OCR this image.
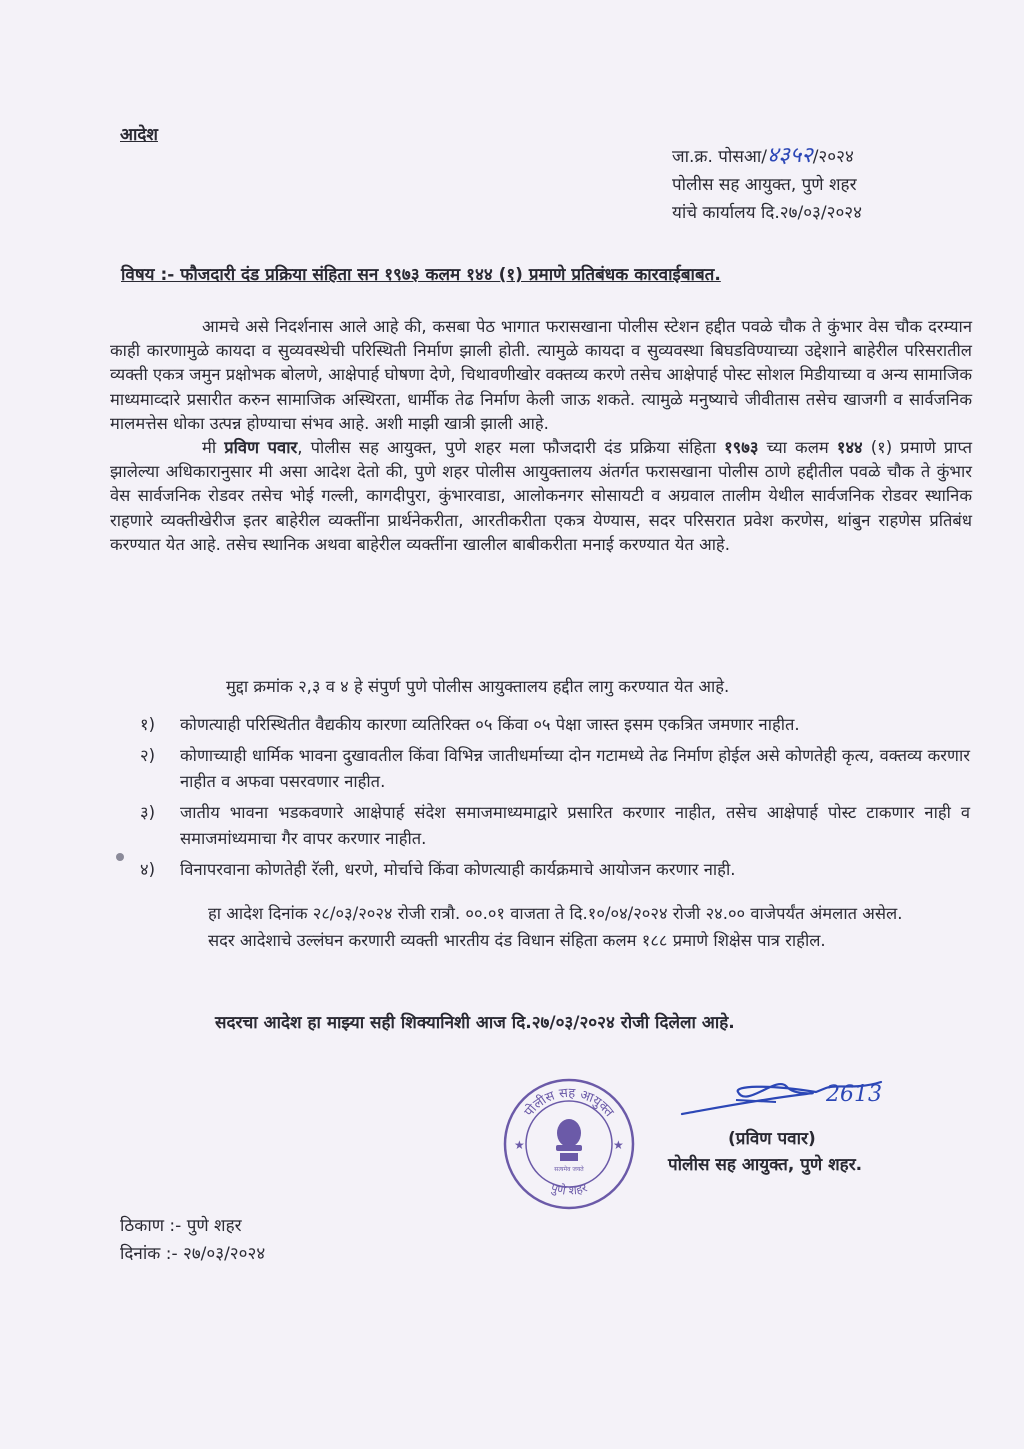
आदेश
जा.क्र. पोसआ/४३५२/२०२४
पोलीस सह आयुक्त, पुणे शहर
यांचे कार्यालय दि.२७/०३/२०२४
विषय :- फौजदारी दंड प्रक्रिया संहिता सन १९७३ कलम १४४ (१) प्रमाणे प्रतिबंधक कारवाईबाबत.

आमचे असे निदर्शनास आले आहे की, कसबा पेठ भागात फरासखाना पोलीस स्टेशन हद्दीत पवळे चौक ते कुंभार वेस चौक दरम्यान काही कारणामुळे कायदा व सुव्यवस्थेची परिस्थिती निर्माण झाली होती. त्यामुळे कायदा व सुव्यवस्था बिघडविण्याच्या उद्देशाने बाहेरील परिसरातील व्यक्ती एकत्र जमुन प्रक्षोभक बोलणे, आक्षेपार्ह घोषणा देणे, चिथावणीखोर वक्तव्य करणे तसेच आक्षेपार्ह पोस्ट सोशल मिडीयाच्या व अन्य सामाजिक माध्यमाव्दारे प्रसारीत करुन सामाजिक अस्थिरता, धार्मीक तेढ निर्माण केली जाऊ शकते. त्यामुळे मनुष्याचे जीवीतास तसेच खाजगी व सार्वजनिक मालमत्तेस धोका उत्पन्न होण्याचा संभव आहे. अशी माझी खात्री झाली आहे.

मी प्रविण पवार, पोलीस सह आयुक्त, पुणे शहर मला फौजदारी दंड प्रक्रिया संहिता १९७३ च्या कलम १४४ (१) प्रमाणे प्राप्त झालेल्या अधिकारानुसार मी असा आदेश देतो की, पुणे शहर पोलीस आयुक्तालय अंतर्गत फरासखाना पोलीस ठाणे हद्दीतील पवळे चौक ते कुंभार वेस सार्वजनिक रोडवर तसेच भोई गल्ली, कागदीपुरा, कुंभारवाडा, आलोकनगर सोसायटी व अग्रवाल तालीम येथील सार्वजनिक रोडवर स्थानिक राहणारे व्यक्तीखेरीज इतर बाहेरील व्यक्तींना प्रार्थनेकरीता, आरतीकरीता एकत्र येण्यास, सदर परिसरात प्रवेश करणेस, थांबुन राहणेस प्रतिबंध करण्यात येत आहे. तसेच स्थानिक अथवा बाहेरील व्यक्तींना खालील बाबीकरीता मनाई करण्यात येत आहे.

मुद्दा क्रमांक २,३ व ४ हे संपुर्ण पुणे पोलीस आयुक्तालय हद्दीत लागु करण्यात येत आहे.
१)	कोणत्याही परिस्थितीत वैद्यकीय कारणा व्यतिरिक्त ०५ किंवा ०५ पेक्षा जास्त इसम एकत्रित जमणार नाहीत.
२)	कोणाच्याही धार्मिक भावना दुखावतील किंवा विभिन्न जातीधर्माच्या दोन गटामध्ये तेढ निर्माण होईल असे कोणतेही कृत्य, वक्तव्य करणार नाहीत व अफवा पसरवणार नाहीत.
३)	जातीय भावना भडकवणारे आक्षेपार्ह संदेश समाजमाध्यमाद्वारे प्रसारित करणार नाहीत, तसेच आक्षेपार्ह पोस्ट टाकणार नाही व समाजमांध्यमाचा गैर वापर करणार नाहीत.
४)	विनापरवाना कोणतेही रॅली, धरणे, मोर्चाचे किंवा कोणत्याही कार्यक्रमाचे आयोजन करणार नाही.

हा आदेश दिनांक २८/०३/२०२४ रोजी रात्रौ. ००.०१ वाजता ते दि.१०/०४/२०२४ रोजी २४.०० वाजेपर्यंत अंमलात असेल.

सदर आदेशाचे उल्लंघन करणारी व्यक्ती भारतीय दंड विधान संहिता कलम १८८ प्रमाणे शिक्षेस पात्र राहील.

सदरचा आदेश हा माझ्या सही शिक्यानिशी आज दि.२७/०३/२०२४ रोजी दिलेला आहे.
सत्यमेव जयते
★	★
पोलीस सह आयुक्त
पुणे शहर
2613
(प्रविण पवार)
पोलीस सह आयुक्त, पुणे शहर.
ठिकाण :- पुणे शहर
दिनांक :- २७/०३/२०२४
